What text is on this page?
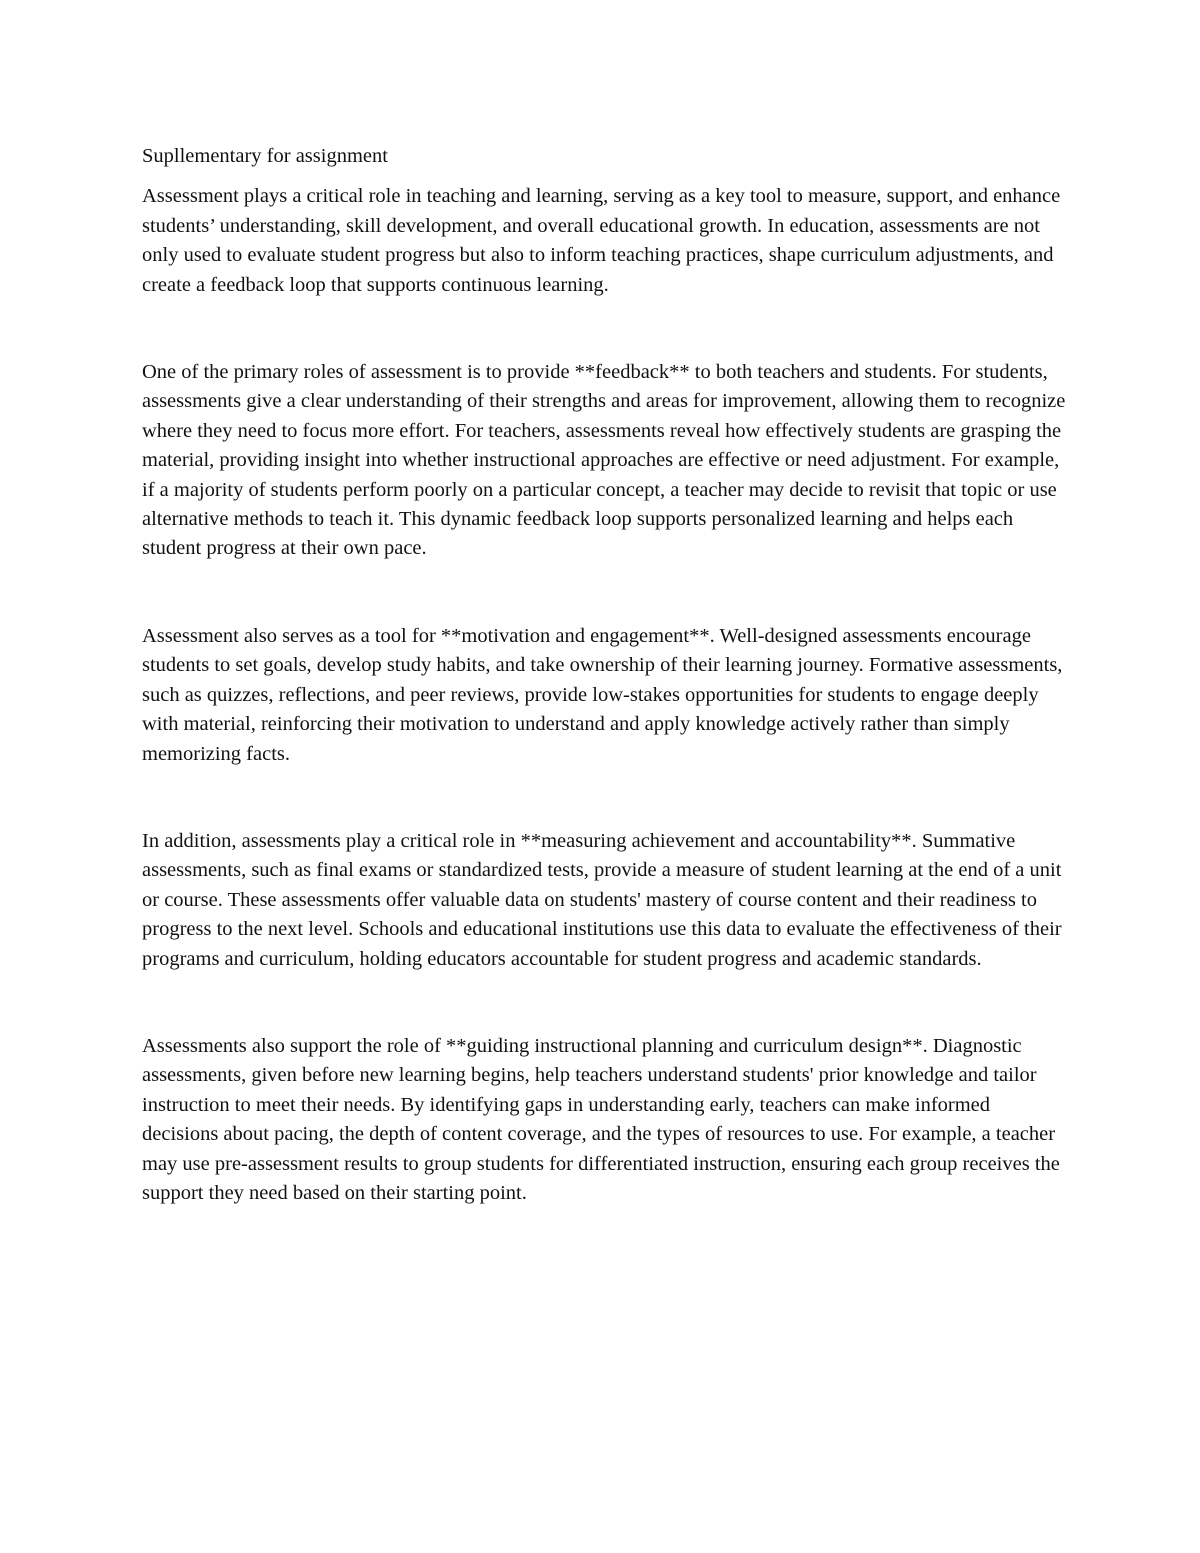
Supllementary for assignment

Assessment plays a critical role in teaching and learning, serving as a key tool to measure, support, and enhance students’ understanding, skill development, and overall educational growth. In education, assessments are not only used to evaluate student progress but also to inform teaching practices, shape curriculum adjustments, and create a feedback loop that supports continuous learning.

One of the primary roles of assessment is to provide **feedback** to both teachers and students. For students, assessments give a clear understanding of their strengths and areas for improvement, allowing them to recognize where they need to focus more effort. For teachers, assessments reveal how effectively students are grasping the material, providing insight into whether instructional approaches are effective or need adjustment. For example, if a majority of students perform poorly on a particular concept, a teacher may decide to revisit that topic or use alternative methods to teach it. This dynamic feedback loop supports personalized learning and helps each student progress at their own pace.

Assessment also serves as a tool for **motivation and engagement**. Well-designed assessments encourage students to set goals, develop study habits, and take ownership of their learning journey. Formative assessments, such as quizzes, reflections, and peer reviews, provide low-stakes opportunities for students to engage deeply with material, reinforcing their motivation to understand and apply knowledge actively rather than simply memorizing facts.

In addition, assessments play a critical role in **measuring achievement and accountability**. Summative assessments, such as final exams or standardized tests, provide a measure of student learning at the end of a unit or course. These assessments offer valuable data on students' mastery of course content and their readiness to progress to the next level. Schools and educational institutions use this data to evaluate the effectiveness of their programs and curriculum, holding educators accountable for student progress and academic standards.

Assessments also support the role of **guiding instructional planning and curriculum design**. Diagnostic assessments, given before new learning begins, help teachers understand students' prior knowledge and tailor instruction to meet their needs. By identifying gaps in understanding early, teachers can make informed decisions about pacing, the depth of content coverage, and the types of resources to use. For example, a teacher may use pre-assessment results to group students for differentiated instruction, ensuring each group receives the support they need based on their starting point.
